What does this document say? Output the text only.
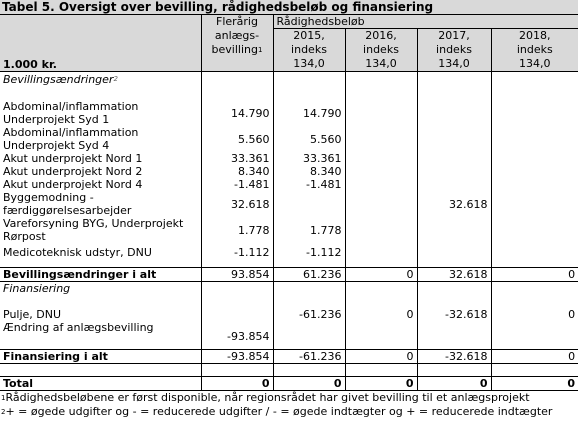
Tabel 5. Oversigt over bevilling, rådighedsbeløb og finansiering					
1.000 kr.	Flerårig
anlægs-
bevilling$^1$	Rådighedsbeløb			
		2015,	2016,	2017,	2018,
		indeks	indeks	indeks	indeks
		134,0	134,0	134,0	134,0
Bevillingsændringer$^2$					

Abdominal/inflammation
Underprojekt Syd 1	14.790	14.790			

Abdominal/inflammation
Underprojekt Syd 4	5.560	5.560			
Akut underprojekt Nord 1	33.361	33.361			
Akut underprojekt Nord 2	8.340	8.340			
Akut underprojekt Nord 4	-1.481	-1.481			

Byggemodning -
færdiggørelsesarbejder	32.618			32.618	

Vareforsyning BYG, Underprojekt
Rørpost	1.778	1.778			
Medicoteknisk udstyr, DNU	-1.112	-1.112			

Bevillingsændringer i alt	93.854	61.236	0	32.618	0
Finansiering					

Pulje, DNU		-61.236	0	-32.618	0
Ændring af anlægsbevilling	-93.854				

Finansiering i alt	-93.854	-61.236	0	-32.618	0

Total	0	0	0	0	0
$^1$Rådighedsbeløbene er først disponible, når regionsrådet har givet bevilling til et anlægsprojekt					
$^2$+ = øgede udgifter og - = reducerede udgifter / - = øgede indtægter og + = reducerede indtægter					
